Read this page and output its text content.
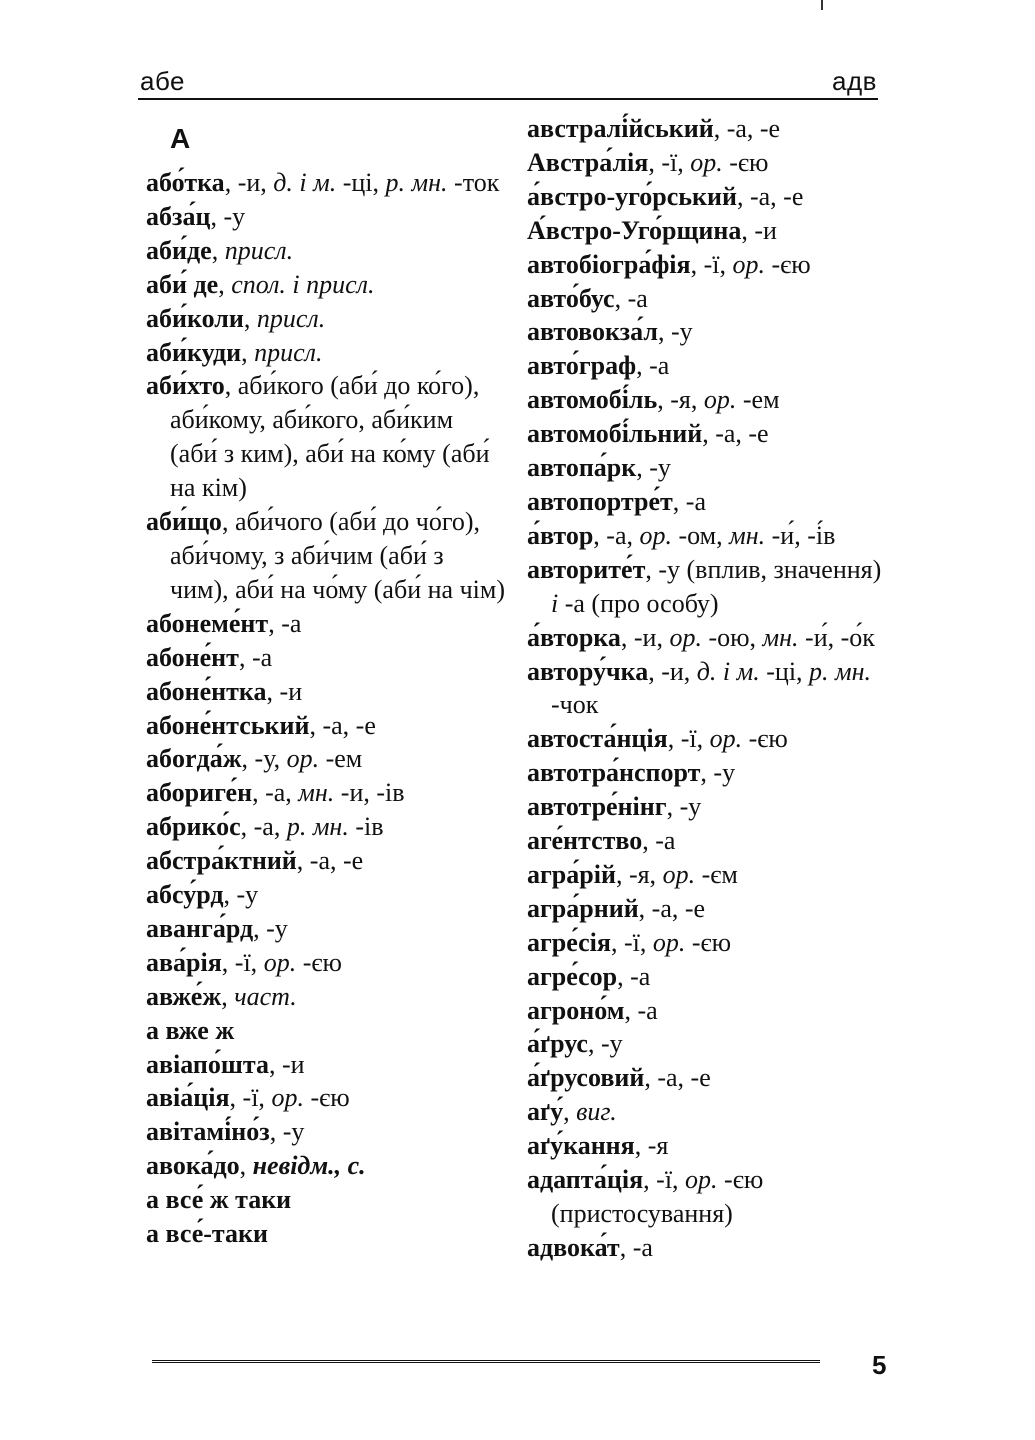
абе	адв
А
або́тка, -и, д. і м. -ці, р. мн. -ток
абза́ц, -у
аби́де, присл.
аби́ де, спол. і присл.
аби́коли, присл.
аби́куди, присл.
аби́хто, аби́кого (аби́ до ко́го), аби́кому, аби́кого, аби́ким (аби́ з ким), аби́ на ко́му (аби́ на кім)
аби́що, аби́чого (аби́ до чо́го), аби́чому, з аби́чим (аби́ з чим), аби́ на чо́му (аби́ на чім)
абонеме́нт, -а
абоне́нт, -а
абоне́нтка, -и
абоне́нтський, -а, -е
абorда́ж, -у, ор. -ем
абориге́н, -а, мн. -и, -ів
абрико́с, -а, р. мн. -ів
абстра́ктний, -а, -е
абсу́рд, -у
аванга́рд, -у
ава́рія, -ї, ор. -єю
авже́ж, част.
а вже ж
авіапо́шта, -и
авіа́ція, -ї, ор. -єю
авітамі́но́з, -у
авока́до, невідм., с.
а все́ ж таки
а все́-таки
австралі́йський, -а, -е
Австра́лія, -ї, ор. -єю
а́встро-уго́рський, -а, -е
А́встро-Уго́рщина, -и
автобіогра́фія, -ї, ор. -єю
авто́бус, -а
автовокза́л, -у
авто́граф, -а
автомобі́ль, -я, ор. -ем
автомобі́льний, -а, -е
автопа́рк, -у
автопортре́т, -а
а́втор, -а, ор. -ом, мн. -и́, -і́в
авторите́т, -у (вплив, значення) і -а (про особу)
а́вторка, -и, ор. -ою, мн. -и́, -о́к
автору́чка, -и, д. і м. -ці, р. мн. -чок
автоста́нція, -ї, ор. -єю
автотра́нспорт, -у
автотре́нінг, -у
аге́нтство, -а
агра́рій, -я, ор. -єм
агра́рний, -а, -е
агре́сія, -ї, ор. -єю
агре́сор, -а
агроно́м, -а
а́ґрус, -у
а́ґрусовий, -а, -е
аґу́, виг.
аґу́кання, -я
адапта́ція, -ї, ор. -єю (пристосування)
адвока́т, -а
5
